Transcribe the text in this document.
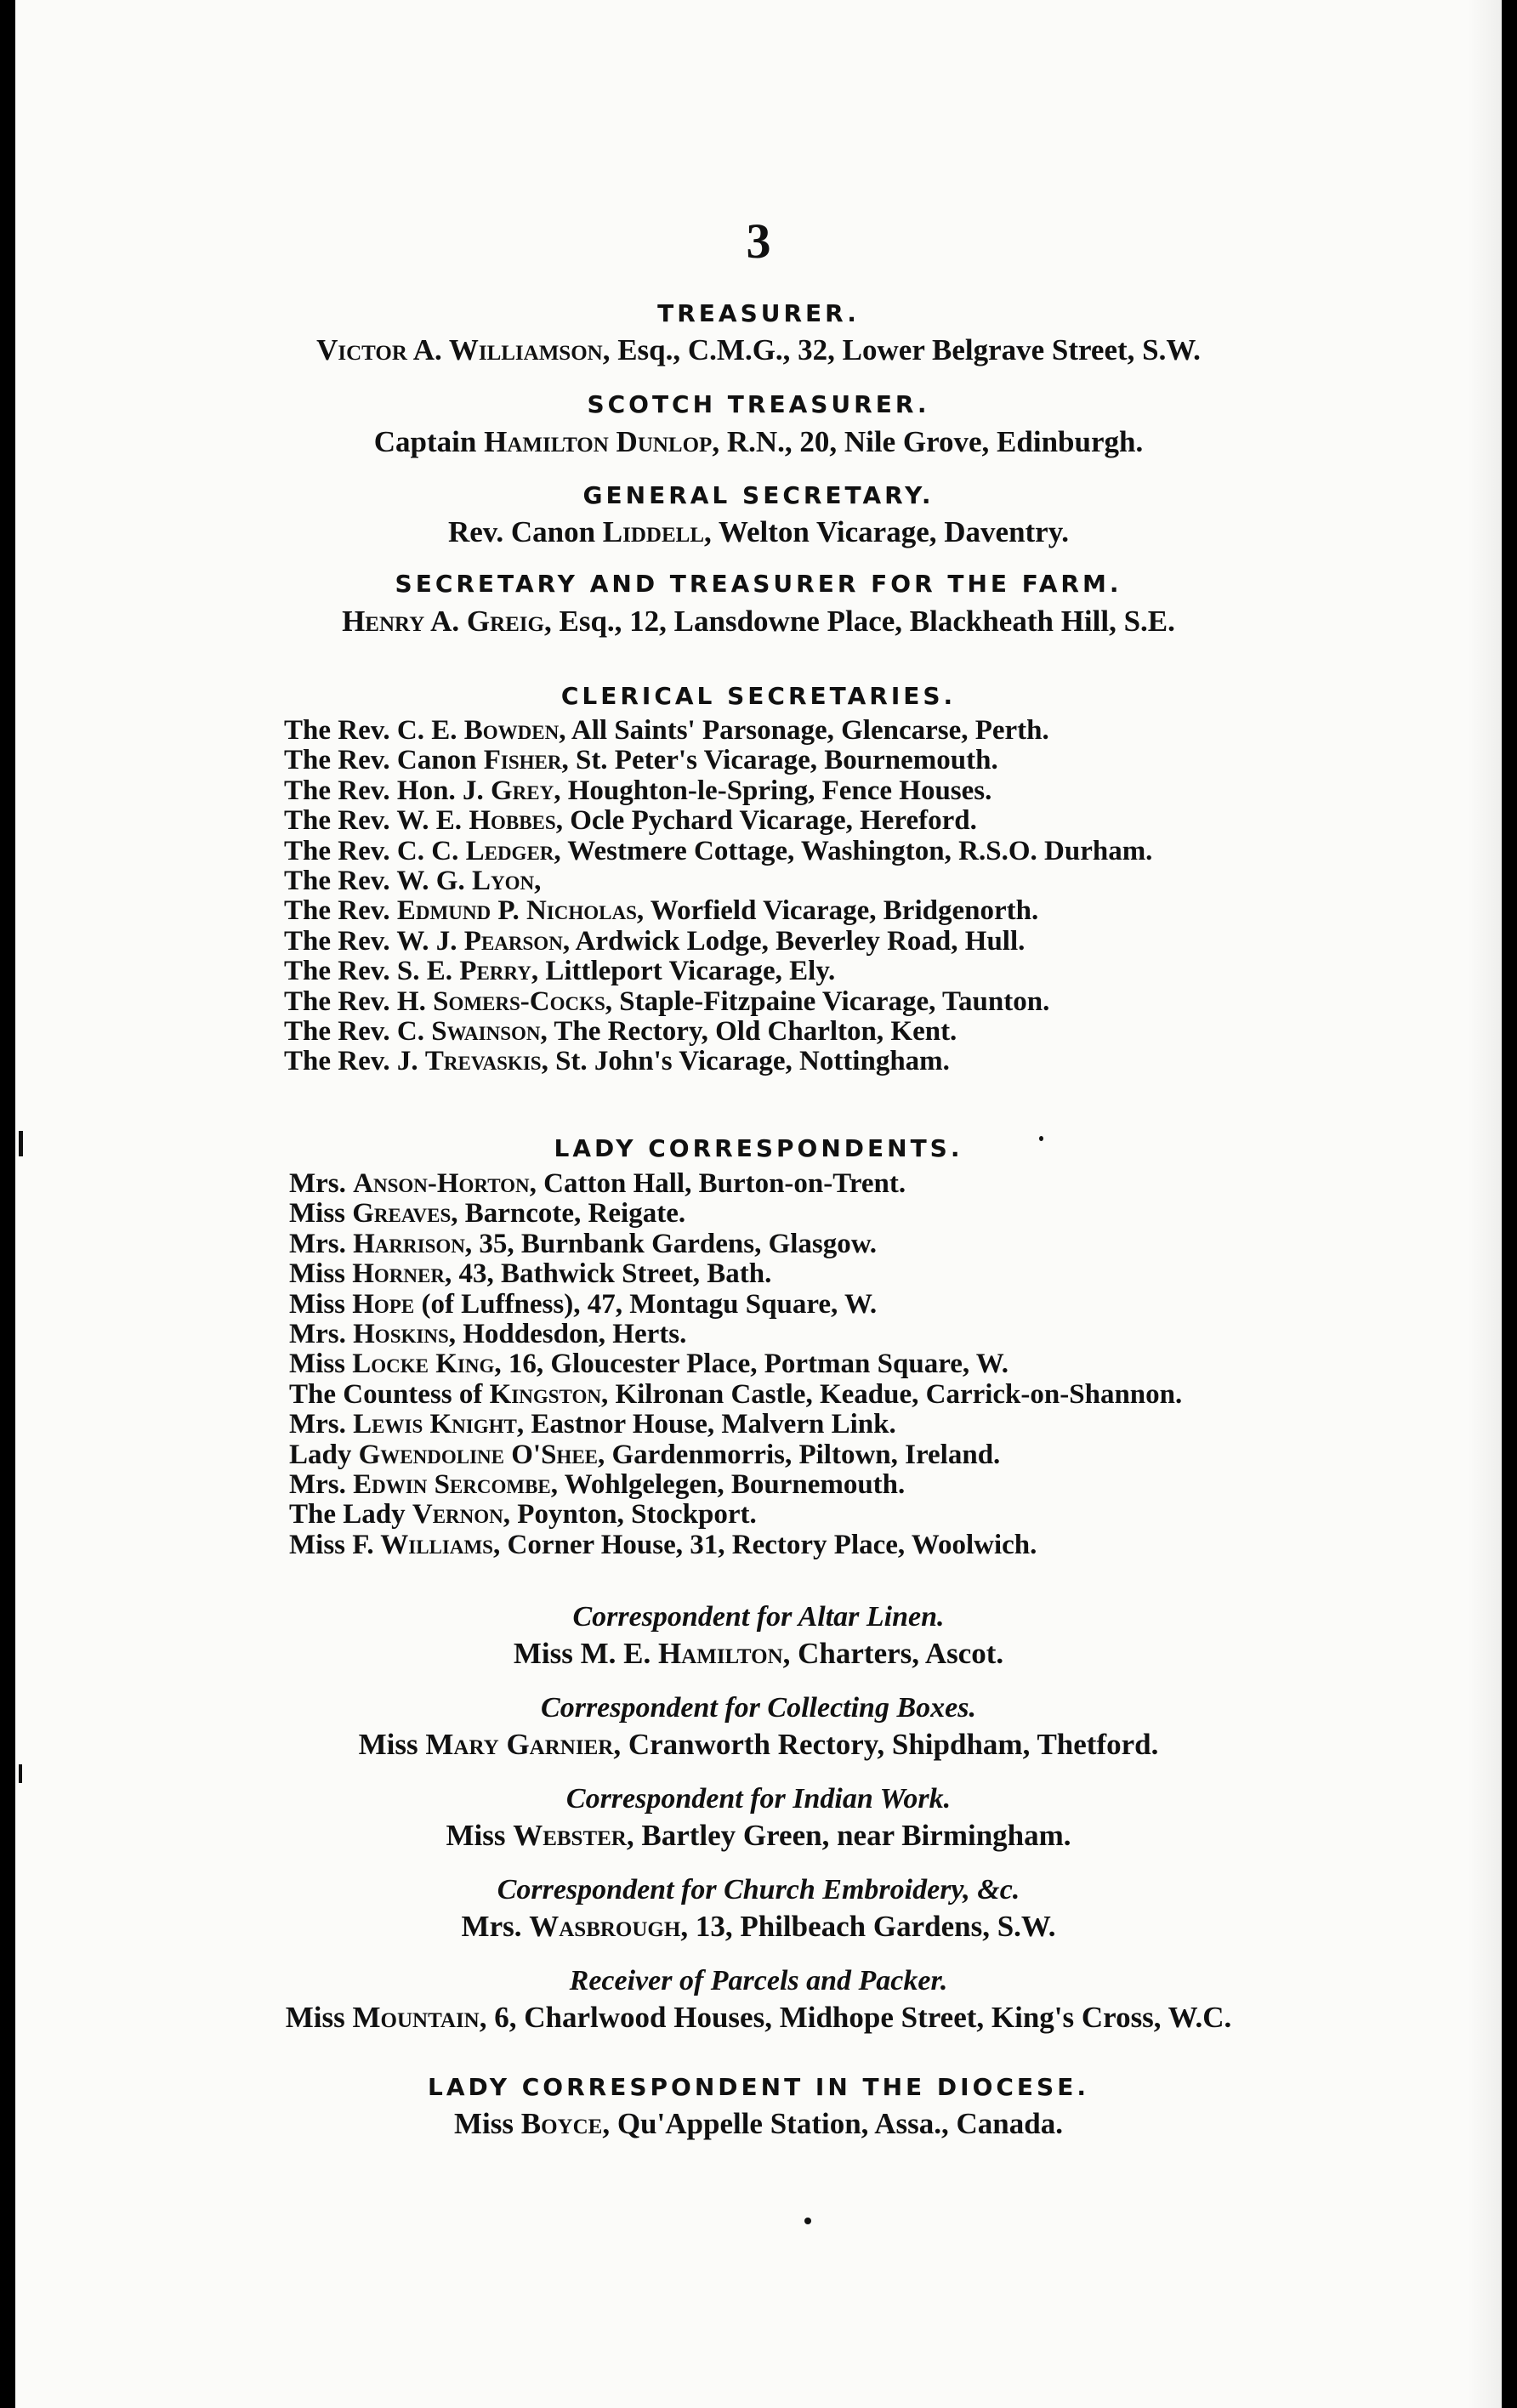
3
TREASURER.
Victor A. Williamson, Esq., C.M.G., 32, Lower Belgrave Street, S.W.
SCOTCH TREASURER.
Captain Hamilton Dunlop, R.N., 20, Nile Grove, Edinburgh.
GENERAL SECRETARY.
Rev. Canon Liddell, Welton Vicarage, Daventry.
SECRETARY AND TREASURER FOR THE FARM.
Henry A. Greig, Esq., 12, Lansdowne Place, Blackheath Hill, S.E.
CLERICAL SECRETARIES.
The Rev. C. E. Bowden, All Saints' Parsonage, Glencarse, Perth.
The Rev. Canon Fisher, St. Peter's Vicarage, Bournemouth.
The Rev. Hon. J. Grey, Houghton-le-Spring, Fence Houses.
The Rev. W. E. Hobbes, Ocle Pychard Vicarage, Hereford.
The Rev. C. C. Ledger, Westmere Cottage, Washington, R.S.O. Durham.
The Rev. W. G. Lyon,
The Rev. Edmund P. Nicholas, Worfield Vicarage, Bridgenorth.
The Rev. W. J. Pearson, Ardwick Lodge, Beverley Road, Hull.
The Rev. S. E. Perry, Littleport Vicarage, Ely.
The Rev. H. Somers-Cocks, Staple-Fitzpaine Vicarage, Taunton.
The Rev. C. Swainson, The Rectory, Old Charlton, Kent.
The Rev. J. Trevaskis, St. John's Vicarage, Nottingham.
LADY CORRESPONDENTS.
Mrs. Anson-Horton, Catton Hall, Burton-on-Trent.
Miss Greaves, Barncote, Reigate.
Mrs. Harrison, 35, Burnbank Gardens, Glasgow.
Miss Horner, 43, Bathwick Street, Bath.
Miss Hope (of Luffness), 47, Montagu Square, W.
Mrs. Hoskins, Hoddesdon, Herts.
Miss Locke King, 16, Gloucester Place, Portman Square, W.
The Countess of Kingston, Kilronan Castle, Keadue, Carrick-on-Shannon.
Mrs. Lewis Knight, Eastnor House, Malvern Link.
Lady Gwendoline O'Shee, Gardenmorris, Piltown, Ireland.
Mrs. Edwin Sercombe, Wohlgelegen, Bournemouth.
The Lady Vernon, Poynton, Stockport.
Miss F. Williams, Corner House, 31, Rectory Place, Woolwich.
Correspondent for Altar Linen.
Miss M. E. Hamilton, Charters, Ascot.
Correspondent for Collecting Boxes.
Miss Mary Garnier, Cranworth Rectory, Shipdham, Thetford.
Correspondent for Indian Work.
Miss Webster, Bartley Green, near Birmingham.
Correspondent for Church Embroidery, &c.
Mrs. Wasbrough, 13, Philbeach Gardens, S.W.
Receiver of Parcels and Packer.
Miss Mountain, 6, Charlwood Houses, Midhope Street, King's Cross, W.C.
LADY CORRESPONDENT IN THE DIOCESE.
Miss Boyce, Qu'Appelle Station, Assa., Canada.
